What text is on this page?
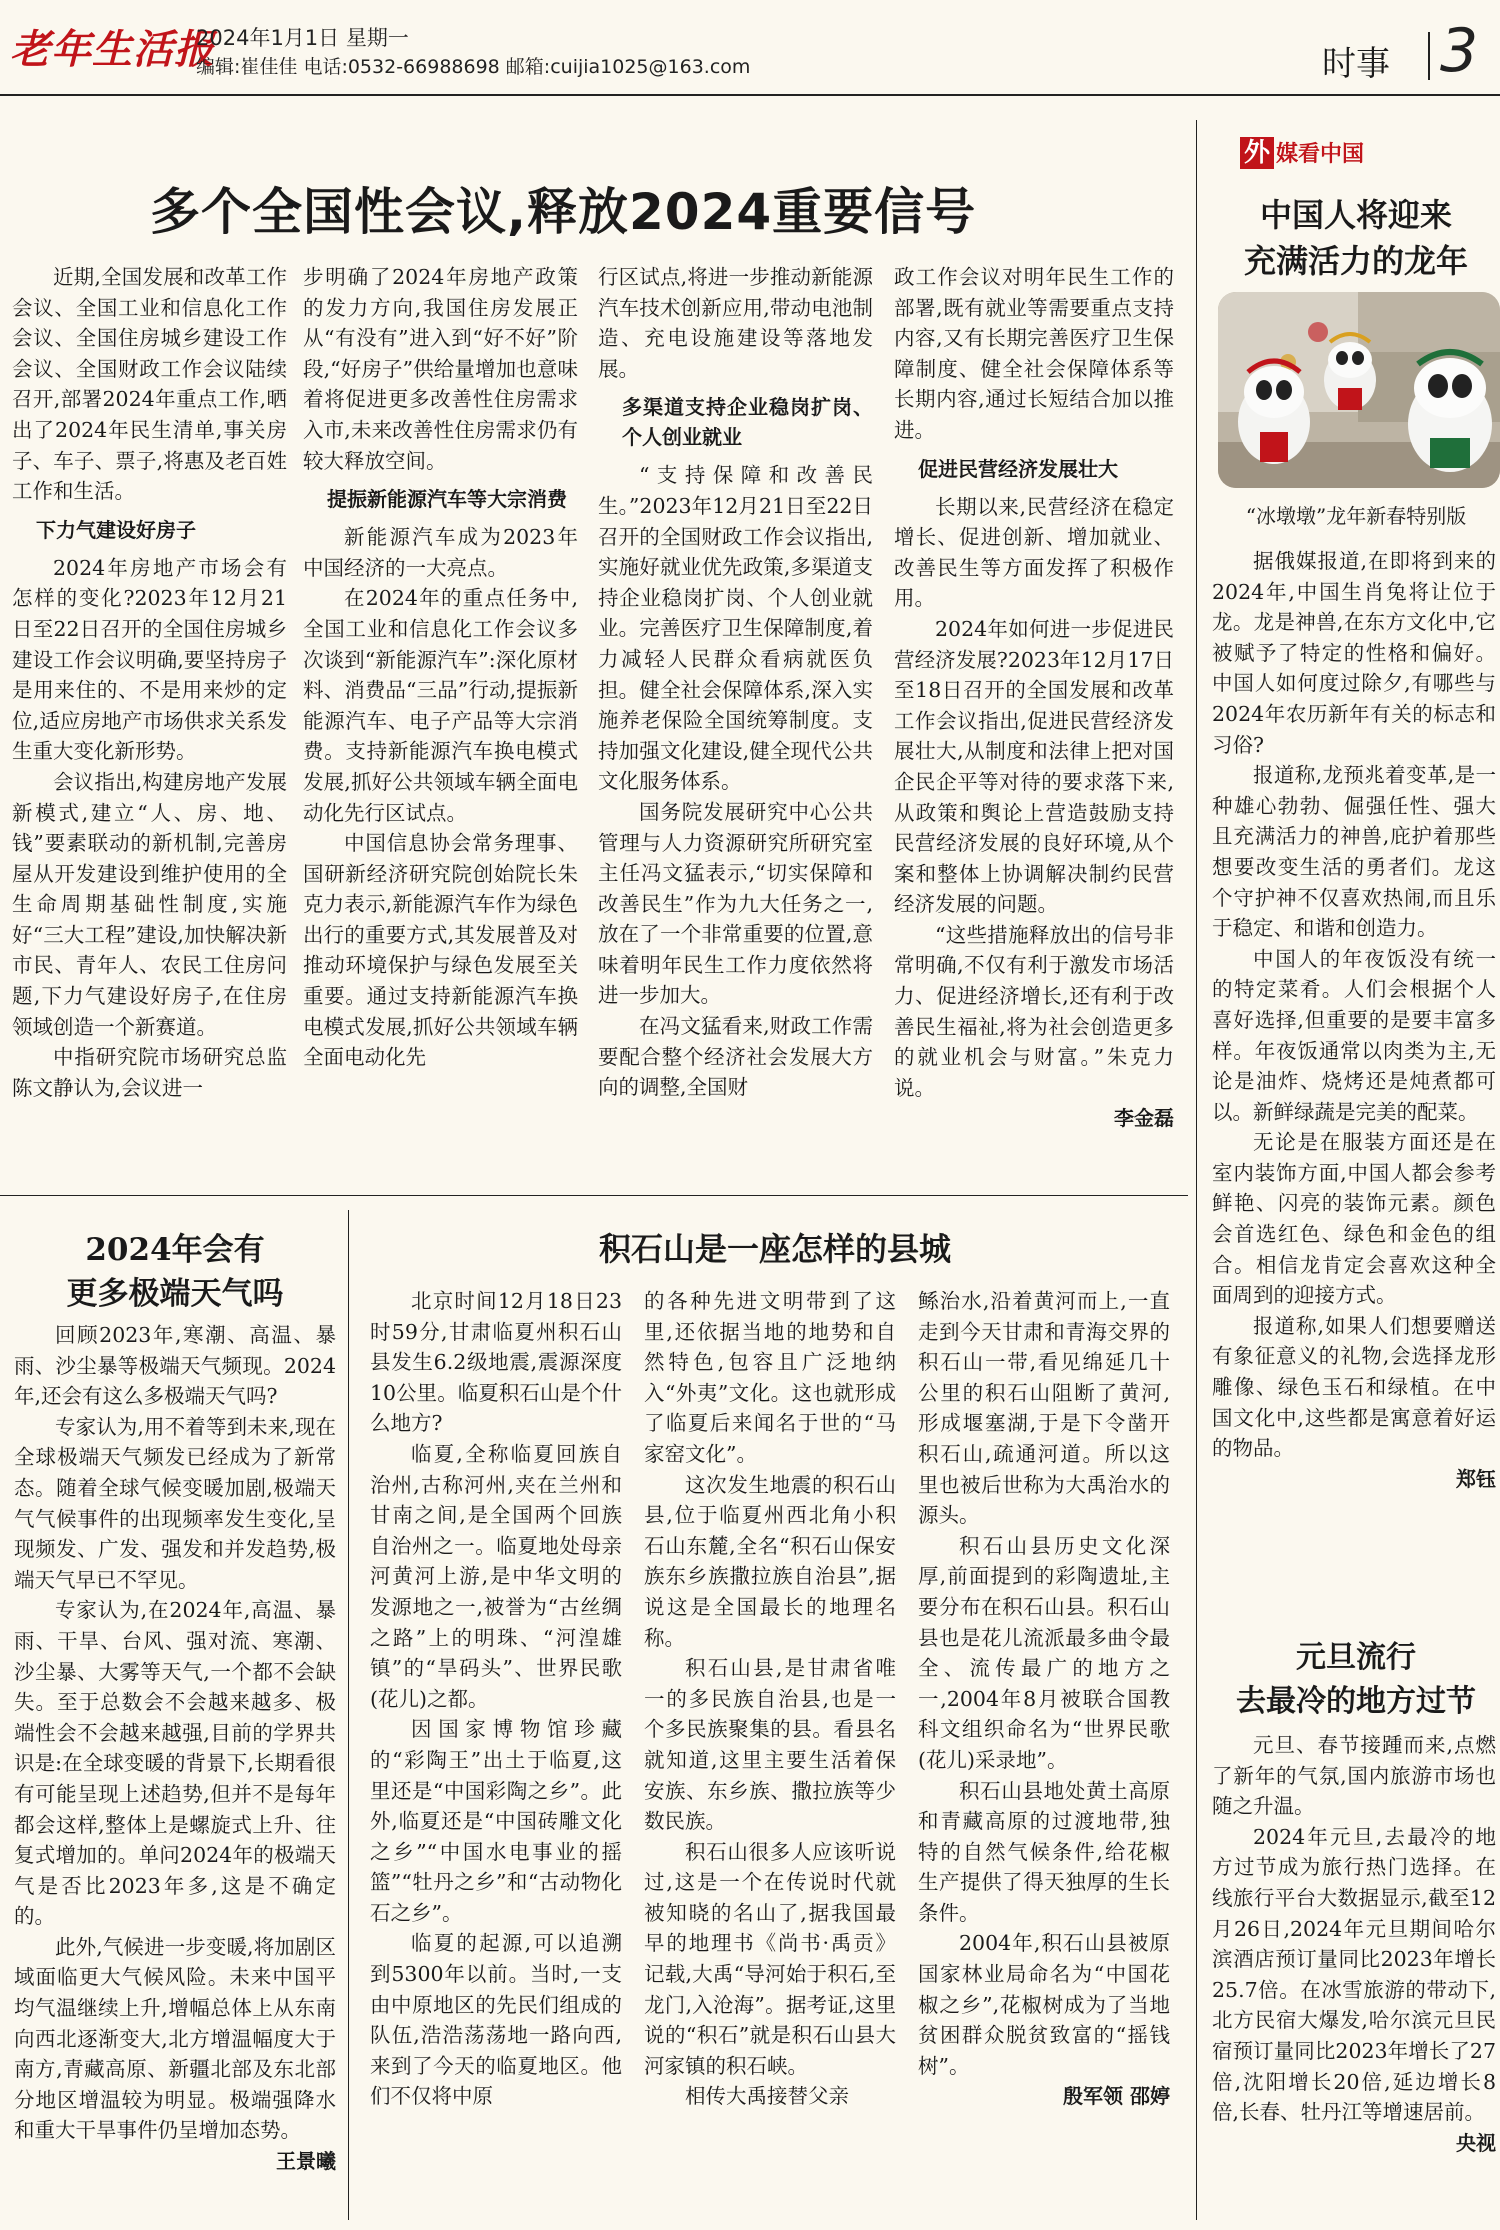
老年生活报
2024年1月1日 星期一
编辑:崔佳佳 电话:0532-66988698 邮箱:cuijia1025@163.com	时事 3
多个全国性会议,释放2024重要信号

近期,全国发展和改革工作会议、全国工业和信息化工作会议、全国住房城乡建设工作会议、全国财政工作会议陆续召开,部署2024年重点工作,晒出了2024年民生清单,事关房子、车子、票子,将惠及老百姓工作和生活。

下力气建设好房子

2024年房地产市场会有怎样的变化?2023年12月21日至22日召开的全国住房城乡建设工作会议明确,要坚持房子是用来住的、不是用来炒的定位,适应房地产市场供求关系发生重大变化新形势。

会议指出,构建房地产发展新模式,建立“人、房、地、钱”要素联动的新机制,完善房屋从开发建设到维护使用的全生命周期基础性制度,实施好“三大工程”建设,加快解决新市民、青年人、农民工住房问题,下力气建设好房子,在住房领域创造一个新赛道。

中指研究院市场研究总监陈文静认为,会议进一

步明确了2024年房地产政策的发力方向,我国住房发展正从“有没有”进入到“好不好”阶段,“好房子”供给量增加也意味着将促进更多改善性住房需求入市,未来改善性住房需求仍有较大释放空间。

提振新能源汽车等大宗消费

新能源汽车成为2023年中国经济的一大亮点。

在2024年的重点任务中,全国工业和信息化工作会议多次谈到“新能源汽车”:深化原材料、消费品“三品”行动,提振新能源汽车、电子产品等大宗消费。支持新能源汽车换电模式发展,抓好公共领域车辆全面电动化先行区试点。

中国信息协会常务理事、国研新经济研究院创始院长朱克力表示,新能源汽车作为绿色出行的重要方式,其发展普及对推动环境保护与绿色发展至关重要。通过支持新能源汽车换电模式发展,抓好公共领域车辆全面电动化先

行区试点,将进一步推动新能源汽车技术创新应用,带动电池制造、充电设施建设等落地发展。

多渠道支持企业稳岗扩岗、个人创业就业

“支持保障和改善民生。”2023年12月21日至22日召开的全国财政工作会议指出,实施好就业优先政策,多渠道支持企业稳岗扩岗、个人创业就业。完善医疗卫生保障制度,着力减轻人民群众看病就医负担。健全社会保障体系,深入实施养老保险全国统筹制度。支持加强文化建设,健全现代公共文化服务体系。

国务院发展研究中心公共管理与人力资源研究所研究室主任冯文猛表示,“切实保障和改善民生”作为九大任务之一,放在了一个非常重要的位置,意味着明年民生工作力度依然将进一步加大。

在冯文猛看来,财政工作需要配合整个经济社会发展大方向的调整,全国财

政工作会议对明年民生工作的部署,既有就业等需要重点支持内容,又有长期完善医疗卫生保障制度、健全社会保障体系等长期内容,通过长短结合加以推进。

促进民营经济发展壮大

长期以来,民营经济在稳定增长、促进创新、增加就业、改善民生等方面发挥了积极作用。

2024年如何进一步促进民营经济发展?2023年12月17日至18日召开的全国发展和改革工作会议指出,促进民营经济发展壮大,从制度和法律上把对国企民企平等对待的要求落下来,从政策和舆论上营造鼓励支持民营经济发展的良好环境,从个案和整体上协调解决制约民营经济发展的问题。

“这些措施释放出的信号非常明确,不仅有利于激发市场活力、促进经济增长,还有利于改善民生福祉,将为社会创造更多的就业机会与财富。”朱克力说。

李金磊
外 媒看中国
中国人将迎来
充满活力的龙年
“冰墩墩”龙年新春特别版

据俄媒报道,在即将到来的2024年,中国生肖兔将让位于龙。龙是神兽,在东方文化中,它被赋予了特定的性格和偏好。中国人如何度过除夕,有哪些与2024年农历新年有关的标志和习俗?

报道称,龙预兆着变革,是一种雄心勃勃、倔强任性、强大且充满活力的神兽,庇护着那些想要改变生活的勇者们。龙这个守护神不仅喜欢热闹,而且乐于稳定、和谐和创造力。

中国人的年夜饭没有统一的特定菜肴。人们会根据个人喜好选择,但重要的是要丰富多样。年夜饭通常以肉类为主,无论是油炸、烧烤还是炖煮都可以。新鲜绿蔬是完美的配菜。

无论是在服装方面还是在室内装饰方面,中国人都会参考鲜艳、闪亮的装饰元素。颜色会首选红色、绿色和金色的组合。相信龙肯定会喜欢这种全面周到的迎接方式。

报道称,如果人们想要赠送有象征意义的礼物,会选择龙形雕像、绿色玉石和绿植。在中国文化中,这些都是寓意着好运的物品。

郑钰
元旦流行
去最冷的地方过节

元旦、春节接踵而来,点燃了新年的气氛,国内旅游市场也随之升温。

2024年元旦,去最冷的地方过节成为旅行热门选择。在线旅行平台大数据显示,截至12月26日,2024年元旦期间哈尔滨酒店预订量同比2023年增长25.7倍。在冰雪旅游的带动下,北方民宿大爆发,哈尔滨元旦民宿预订量同比2023年增长了27倍,沈阳增长20倍,延边增长8倍,长春、牡丹江等增速居前。

央视
2024年会有
更多极端天气吗

回顾2023年,寒潮、高温、暴雨、沙尘暴等极端天气频现。2024年,还会有这么多极端天气吗?

专家认为,用不着等到未来,现在全球极端天气频发已经成为了新常态。随着全球气候变暖加剧,极端天气气候事件的出现频率发生变化,呈现频发、广发、强发和并发趋势,极端天气早已不罕见。

专家认为,在2024年,高温、暴雨、干旱、台风、强对流、寒潮、沙尘暴、大雾等天气,一个都不会缺失。至于总数会不会越来越多、极端性会不会越来越强,目前的学界共识是:在全球变暖的背景下,长期看很有可能呈现上述趋势,但并不是每年都会这样,整体上是螺旋式上升、往复式增加的。单问2024年的极端天气是否比2023年多,这是不确定的。

此外,气候进一步变暖,将加剧区域面临更大气候风险。未来中国平均气温继续上升,增幅总体上从东南向西北逐渐变大,北方增温幅度大于南方,青藏高原、新疆北部及东北部分地区增温较为明显。极端强降水和重大干旱事件仍呈增加态势。

王景曦
积石山是一座怎样的县城

北京时间12月18日23时59分,甘肃临夏州积石山县发生6.2级地震,震源深度10公里。临夏积石山是个什么地方?

临夏,全称临夏回族自治州,古称河州,夹在兰州和甘南之间,是全国两个回族自治州之一。临夏地处母亲河黄河上游,是中华文明的发源地之一,被誉为“古丝绸之路”上的明珠、“河湟雄镇”的“旱码头”、世界民歌(花儿)之都。

因国家博物馆珍藏的“彩陶王”出土于临夏,这里还是“中国彩陶之乡”。此外,临夏还是“中国砖雕文化之乡”“中国水电事业的摇篮”“牡丹之乡”和“古动物化石之乡”。

临夏的起源,可以追溯到5300年以前。当时,一支由中原地区的先民们组成的队伍,浩浩荡荡地一路向西,来到了今天的临夏地区。他们不仅将中原

的各种先进文明带到了这里,还依据当地的地势和自然特色,包容且广泛地纳入“外夷”文化。这也就形成了临夏后来闻名于世的“马家窑文化”。

这次发生地震的积石山县,位于临夏州西北角小积石山东麓,全名“积石山保安族东乡族撒拉族自治县”,据说这是全国最长的地理名称。

积石山县,是甘肃省唯一的多民族自治县,也是一个多民族聚集的县。看县名就知道,这里主要生活着保安族、东乡族、撒拉族等少数民族。

积石山很多人应该听说过,这是一个在传说时代就被知晓的名山了,据我国最早的地理书《尚书·禹贡》记载,大禹“导河始于积石,至龙门,入沧海”。据考证,这里说的“积石”就是积石山县大河家镇的积石峡。

相传大禹接替父亲

鲧治水,沿着黄河而上,一直走到今天甘肃和青海交界的积石山一带,看见绵延几十公里的积石山阻断了黄河,形成堰塞湖,于是下令凿开积石山,疏通河道。所以这里也被后世称为大禹治水的源头。

积石山县历史文化深厚,前面提到的彩陶遗址,主要分布在积石山县。积石山县也是花儿流派最多曲令最全、流传最广的地方之一,2004年8月被联合国教科文组织命名为“世界民歌(花儿)采录地”。

积石山县地处黄土高原和青藏高原的过渡地带,独特的自然气候条件,给花椒生产提供了得天独厚的生长条件。

2004年,积石山县被原国家林业局命名为“中国花椒之乡”,花椒树成为了当地贫困群众脱贫致富的“摇钱树”。

殷军领 邵婷
